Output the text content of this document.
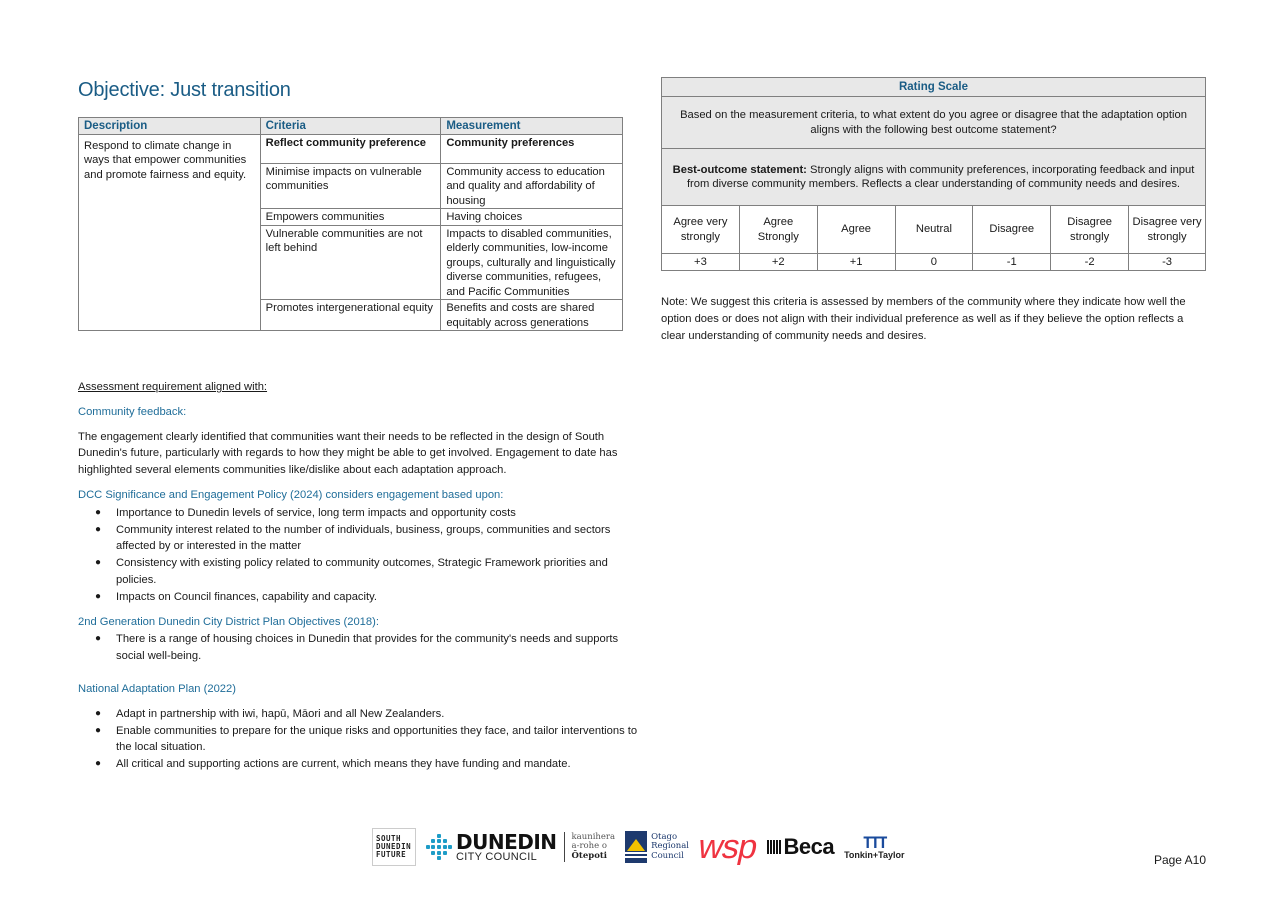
Objective: Just transition
Description	Criteria	Measurement
Respond to climate change in ways that empower communities and promote fairness and equity.	Reflect community preference	Community preferences
	Minimise impacts on vulnerable communities	Community access to education and quality and affordability of housing
	Empowers communities	Having choices
	Vulnerable communities are not left behind	Impacts to disabled communities, elderly communities, low-income groups, culturally and linguistically diverse communities, refugees, and Pacific Communities
	Promotes intergenerational equity	Benefits and costs are shared equitably across generations
Rating Scale						
Based on the measurement criteria, to what extent do you agree or disagree that the adaptation option aligns with the following best outcome statement?						
Best-outcome statement: Strongly aligns with community preferences, incorporating feedback and input from diverse community members. Reflects a clear understanding of community needs and desires.						
Agree very strongly	Agree Strongly	Agree	Neutral	Disagree	Disagree strongly	Disagree very strongly
+3	+2	+1	0	-1	-2	-3

Note: We suggest this criteria is assessed by members of the community where they indicate how well the option does or does not align with their individual preference as well as if they believe the option reflects a clear understanding of community needs and desires.

Assessment requirement aligned with:
Community feedback:

The engagement clearly identified that communities want their needs to be reflected in the design of South Dunedin's future, particularly with regards to how they might be able to get involved. Engagement to date has highlighted several elements communities like/dislike about each adaptation approach.

DCC Significance and Engagement Policy (2024) considers engagement based upon:
● Importance to Dunedin levels of service, long term impacts and opportunity costs
● Community interest related to the number of individuals, business, groups, communities and sectors affected by or interested in the matter
● Consistency with existing policy related to community outcomes, Strategic Framework priorities and policies.
● Impacts on Council finances, capability and capacity.
2nd Generation Dunedin City District Plan Objectives (2018):
● There is a range of housing choices in Dunedin that provides for the community's needs and supports social well-being.
National Adaptation Plan (2022)
● Adapt in partnership with iwi, hapū, Māori and all New Zealanders.
● Enable communities to prepare for the unique risks and opportunities they face, and tailor interventions to the local situation.
● All critical and supporting actions are current, which means they have funding and mandate.
SOUTH
DUNEDIN
FUTURE
DUNEDIN
CITY COUNCIL
kaunihera
a-rohe o
Ōtepoti
Otago
Regional
Council wsp Beca TTT
Tonkin+Taylor	Page A10
